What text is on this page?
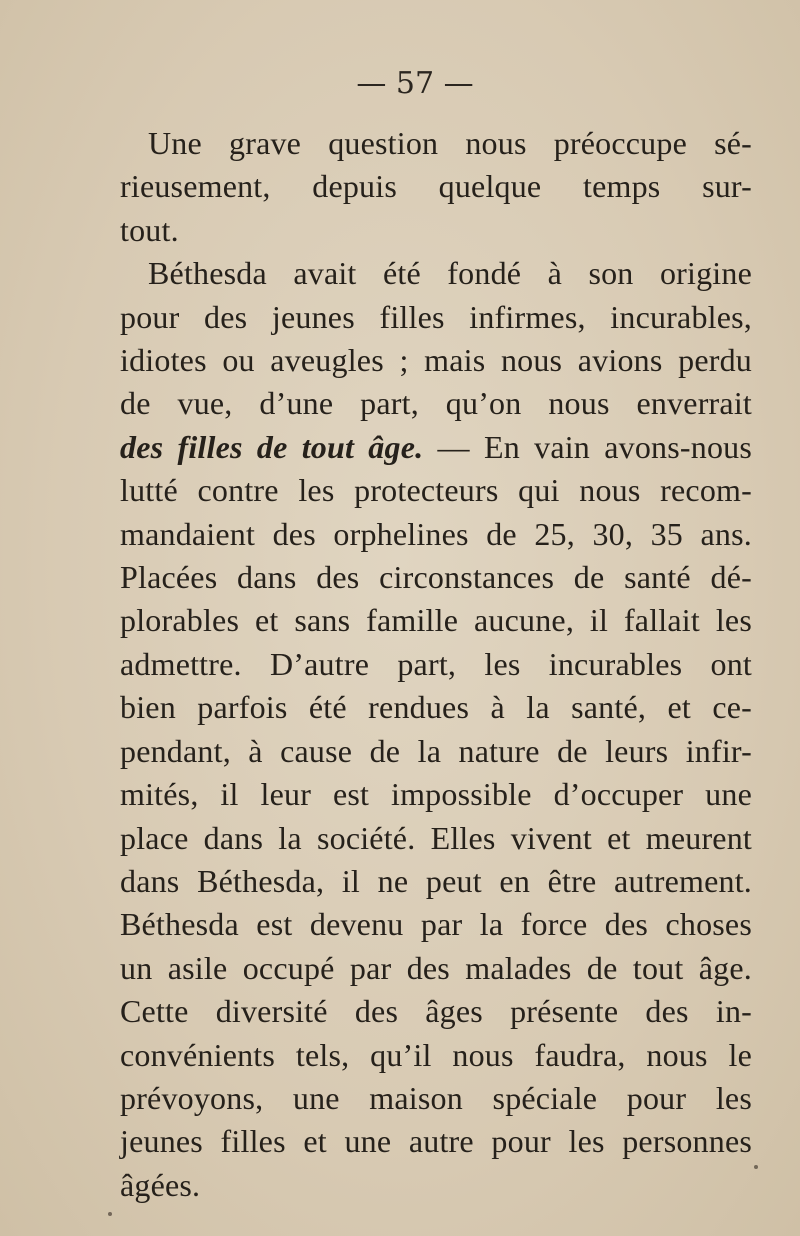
— 57 —
Une grave question nous préoccupe sé-
rieusement, depuis quelque temps sur-
tout.
Béthesda avait été fondé à son origine
pour des jeunes filles infirmes, incurables,
idiotes ou aveugles ; mais nous avions perdu
de vue, d’une part, qu’on nous enverrait
des filles de tout âge. — En vain avons-nous
lutté contre les protecteurs qui nous recom-
mandaient des orphelines de 25, 30, 35 ans.
Placées dans des circonstances de santé dé-
plorables et sans famille aucune, il fallait les
admettre. D’autre part, les incurables ont
bien parfois été rendues à la santé, et ce-
pendant, à cause de la nature de leurs infir-
mités, il leur est impossible d’occuper une
place dans la société. Elles vivent et meurent
dans Béthesda, il ne peut en être autrement.
Béthesda est devenu par la force des choses
un asile occupé par des malades de tout âge.
Cette diversité des âges présente des in-
convénients tels, qu’il nous faudra, nous le
prévoyons, une maison spéciale pour les
jeunes filles et une autre pour les personnes
âgées.
